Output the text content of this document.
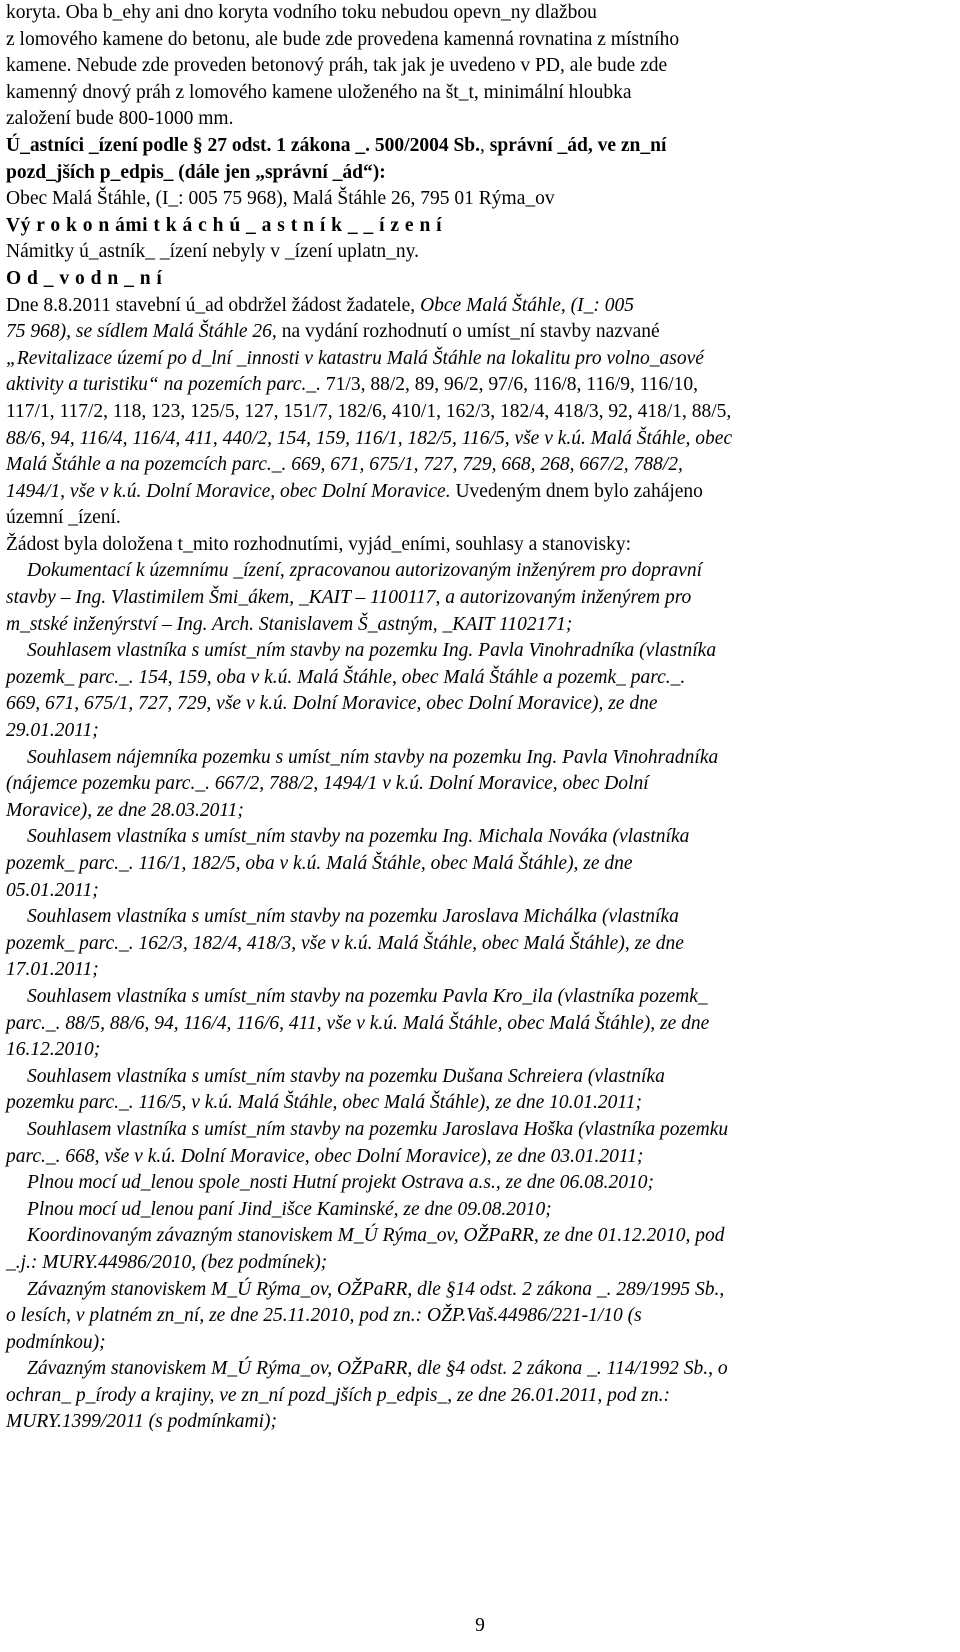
koryta. Oba b_ehy ani dno koryta vodního toku nebudou opevn_ny dlažbou
z lomového kamene do betonu, ale bude zde provedena kamenná rovnatina z místního
kamene. Nebude zde proveden betonový práh, tak jak je uvedeno v PD, ale bude zde
kamenný dnový práh z lomového kamene uloženého na št_t, minimální hloubka
založení bude 800-1000 mm.
Ú_astníci _ízení podle § 27 odst. 1 zákona _. 500/2004 Sb., správní _ád, ve zn_ní
pozd_jších p_edpis_ (dále jen „správní _ád“):
Obec Malá Štáhle, (I_: 005 75 968), Malá Štáhle 26, 795 01 Rýma_ov
Vý r o k o n ámi t k á c h ú _ a s t n í k _ _ í z e n í
Námitky ú_astník_ _ízení nebyly v _ízení uplatn_ny.
O d _ v o d n _ n í
Dne 8.8.2011 stavební ú_ad obdržel žádost žadatele, Obce Malá Štáhle, (I_: 005
75 968), se sídlem Malá Štáhle 26, na vydání rozhodnutí o umíst_ní stavby nazvané
„Revitalizace území po d_lní _innosti v katastru Malá Štáhle na lokalitu pro volno_asové
aktivity a turistiku“ na pozemích parc._. 71/3, 88/2, 89, 96/2, 97/6, 116/8, 116/9, 116/10,
117/1, 117/2, 118, 123, 125/5, 127, 151/7, 182/6, 410/1, 162/3, 182/4, 418/3, 92, 418/1, 88/5,
88/6, 94, 116/4, 116/4, 411, 440/2, 154, 159, 116/1, 182/5, 116/5, vše v k.ú. Malá Štáhle, obec
Malá Štáhle a na pozemcích parc._. 669, 671, 675/1, 727, 729, 668, 268, 667/2, 788/2,
1494/1, vše v k.ú. Dolní Moravice, obec Dolní Moravice. Uvedeným dnem bylo zahájeno
územní _ízení.
Žádost byla doložena t_mito rozhodnutími, vyjád_eními, souhlasy a stanovisky:
Dokumentací k územnímu _ízení, zpracovanou autorizovaným inženýrem pro dopravní
stavby – Ing. Vlastimilem Šmi_ákem, _KAIT – 1100117, a autorizovaným inženýrem pro
m_stské inženýrství – Ing. Arch. Stanislavem Š_astným, _KAIT 1102171;
Souhlasem vlastníka s umíst_ním stavby na pozemku Ing. Pavla Vinohradníka (vlastníka
pozemk_ parc._. 154, 159, oba v k.ú. Malá Štáhle, obec Malá Štáhle a pozemk_ parc._.
669, 671, 675/1, 727, 729, vše v k.ú. Dolní Moravice, obec Dolní Moravice), ze dne
29.01.2011;
Souhlasem nájemníka pozemku s umíst_ním stavby na pozemku Ing. Pavla Vinohradníka
(nájemce pozemku parc._. 667/2, 788/2, 1494/1 v k.ú. Dolní Moravice, obec Dolní
Moravice), ze dne 28.03.2011;
Souhlasem vlastníka s umíst_ním stavby na pozemku Ing. Michala Nováka (vlastníka
pozemk_ parc._. 116/1, 182/5, oba v k.ú. Malá Štáhle, obec Malá Štáhle), ze dne
05.01.2011;
Souhlasem vlastníka s umíst_ním stavby na pozemku Jaroslava Michálka (vlastníka
pozemk_ parc._. 162/3, 182/4, 418/3, vše v k.ú. Malá Štáhle, obec Malá Štáhle), ze dne
17.01.2011;
Souhlasem vlastníka s umíst_ním stavby na pozemku Pavla Kro_ila (vlastníka pozemk_
parc._. 88/5, 88/6, 94, 116/4, 116/6, 411, vše v k.ú. Malá Štáhle, obec Malá Štáhle), ze dne
16.12.2010;
Souhlasem vlastníka s umíst_ním stavby na pozemku Dušana Schreiera (vlastníka
pozemku parc._. 116/5, v k.ú. Malá Štáhle, obec Malá Štáhle), ze dne 10.01.2011;
Souhlasem vlastníka s umíst_ním stavby na pozemku Jaroslava Hoška (vlastníka pozemku
parc._. 668, vše v k.ú. Dolní Moravice, obec Dolní Moravice), ze dne 03.01.2011;
Plnou mocí ud_lenou spole_nosti Hutní projekt Ostrava a.s., ze dne 06.08.2010;
Plnou mocí ud_lenou paní Jind_išce Kaminské, ze dne 09.08.2010;
Koordinovaným závazným stanoviskem M_Ú Rýma_ov, OŽPaRR, ze dne 01.12.2010, pod
_.j.: MURY.44986/2010, (bez podmínek);
Závazným stanoviskem M_Ú Rýma_ov, OŽPaRR, dle §14 odst. 2 zákona _. 289/1995 Sb.,
o lesích, v platném zn_ní, ze dne 25.11.2010, pod zn.: OŽP.Vaš.44986/221-1/10 (s
podmínkou);
Závazným stanoviskem M_Ú Rýma_ov, OŽPaRR, dle §4 odst. 2 zákona _. 114/1992 Sb., o
ochran_ p_írody a krajiny, ve zn_ní pozd_jších p_edpis_, ze dne 26.01.2011, pod zn.:
MURY.1399/2011 (s podmínkami);
9
